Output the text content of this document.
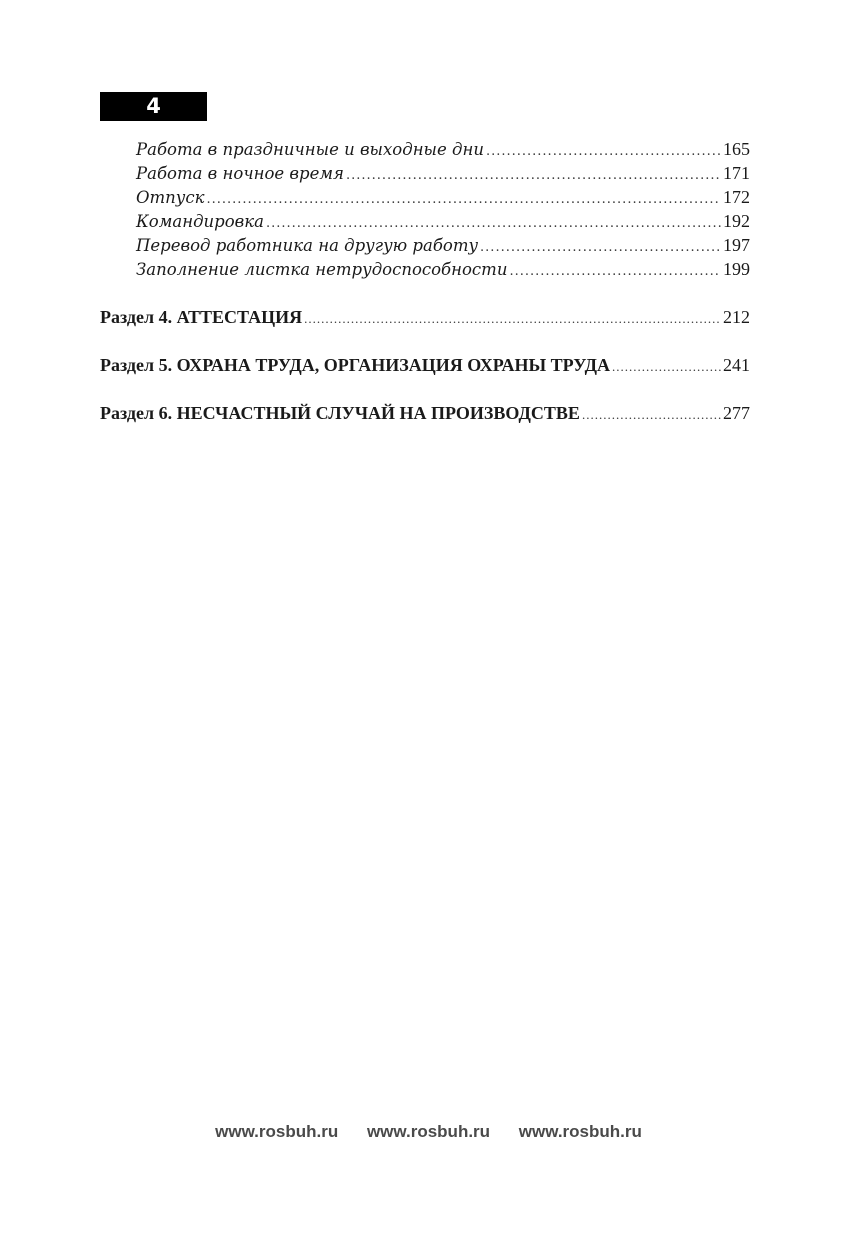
4
Работа в праздничные и выходные дни .....	165
Работа в ночное время .....	171
Отпуск .....	172
Командировка .....	192
Перевод работника на другую работу .....	197
Заполнение листка нетрудоспособности .....	199
Раздел 4. АТТЕСТАЦИЯ .....	212
Раздел 5. ОХРАНА ТРУДА, ОРГАНИЗАЦИЯ ОХРАНЫ ТРУДА .....	241
Раздел 6. НЕСЧАСТНЫЙ СЛУЧАЙ НА ПРОИЗВОДСТВЕ .....	277
www.rosbuh.ru www.rosbuh.ru www.rosbuh.ru
